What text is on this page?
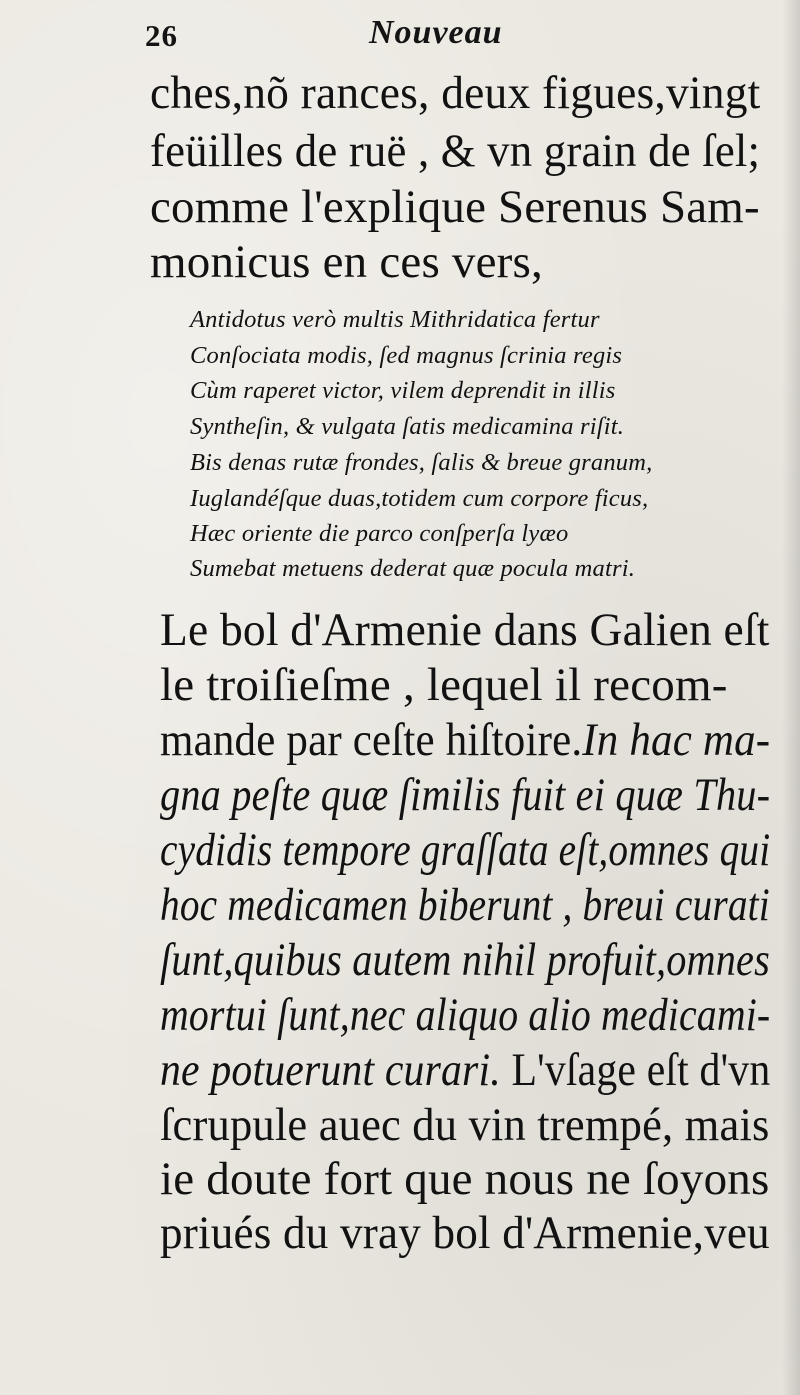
26	Nouveau
ches,nõ rances, deux figues,vingt
feüilles de ruë , & vn grain de ſel;
comme l'explique Serenus Sam-
monicus en ces vers,
Antidotus verò multis Mithridatica fertur
Conſociata modis, ſed magnus ſcrinia regis
Cùm raperet victor, vilem deprendit in illis
Syntheſin, & vulgata ſatis medicamina riſit.
Bis denas rutæ frondes, ſalis & breue granum,
Iuglandéſque duas,totidem cum corpore ficus,
Hæc oriente die parco conſperſa lyæo
Sumebat metuens dederat quæ pocula matri.
Le bol d'Armenie dans Galien eſt
le troiſieſme , lequel il recom-
mande par ceſte hiſtoire.In hac ma-
gna peſte quæ ſimilis fuit ei quæ Thu-
cydidis tempore graſſata eſt,omnes qui
hoc medicamen biberunt , breui curati
ſunt,quibus autem nihil profuit,omnes
mortui ſunt,nec aliquo alio medicami-
ne potuerunt curari. L'vſage eſt d'vn
ſcrupule auec du vin trempé, mais
ie doute fort que nous ne ſoyons
priués du vray bol d'Armenie,veu
